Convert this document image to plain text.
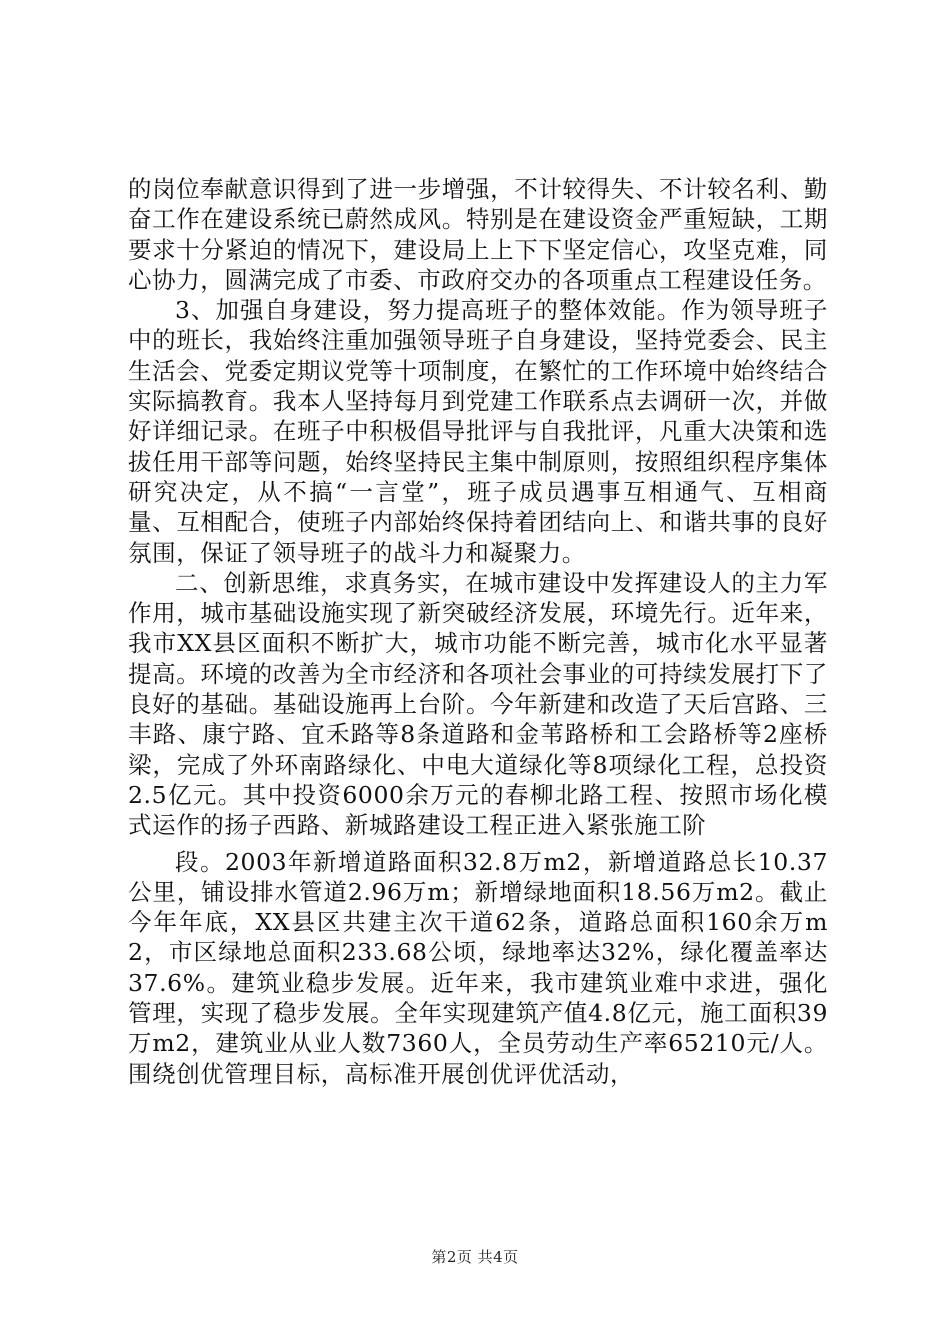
的岗位奉献意识得到了进一步增强，不计较得失、不计较名利、勤奋工作在建设系统已蔚然成风。特别是在建设资金严重短缺，工期要求十分紧迫的情况下，建设局上上下下坚定信心，攻坚克难，同心协力，圆满完成了市委、市政府交办的各项重点工程建设任务。

3、加强自身建设，努力提高班子的整体效能。作为领导班子中的班长，我始终注重加强领导班子自身建设，坚持党委会、民主生活会、党委定期议党等十项制度，在繁忙的工作环境中始终结合实际搞教育。我本人坚持每月到党建工作联系点去调研一次，并做好详细记录。在班子中积极倡导批评与自我批评，凡重大决策和选拔任用干部等问题，始终坚持民主集中制原则，按照组织程序集体研究决定，从不搞“一言堂”，班子成员遇事互相通气、互相商量、互相配合，使班子内部始终保持着团结向上、和谐共事的良好氛围，保证了领导班子的战斗力和凝聚力。

二、创新思维，求真务实，在城市建设中发挥建设人的主力军作用，城市基础设施实现了新突破经济发展，环境先行。近年来，我市XX县区面积不断扩大，城市功能不断完善，城市化水平显著提高。环境的改善为全市经济和各项社会事业的可持续发展打下了良好的基础。基础设施再上台阶。今年新建和改造了天后宫路、三丰路、康宁路、宜禾路等8条道路和金苇路桥和工会路桥等2座桥梁，完成了外环南路绿化、中电大道绿化等8项绿化工程，总投资2.5亿元。其中投资6000余万元的春柳北路工程、按照市场化模式运作的扬子西路、新城路建设工程正进入紧张施工阶

段。2003年新增道路面积32.8万m2，新增道路总长10.37公里，铺设排水管道2.96万m；新增绿地面积18.56万m2。截止今年年底，XX县区共建主次干道62条，道路总面积160余万m2，市区绿地总面积233.68公顷，绿地率达32%，绿化覆盖率达37.6%。建筑业稳步发展。近年来，我市建筑业难中求进，强化管理，实现了稳步发展。全年实现建筑产值4.8亿元，施工面积39万m2，建筑业从业人数7360人，全员劳动生产率65210元/人。围绕创优管理目标，高标准开展创优评优活动，

第2页 共4页
